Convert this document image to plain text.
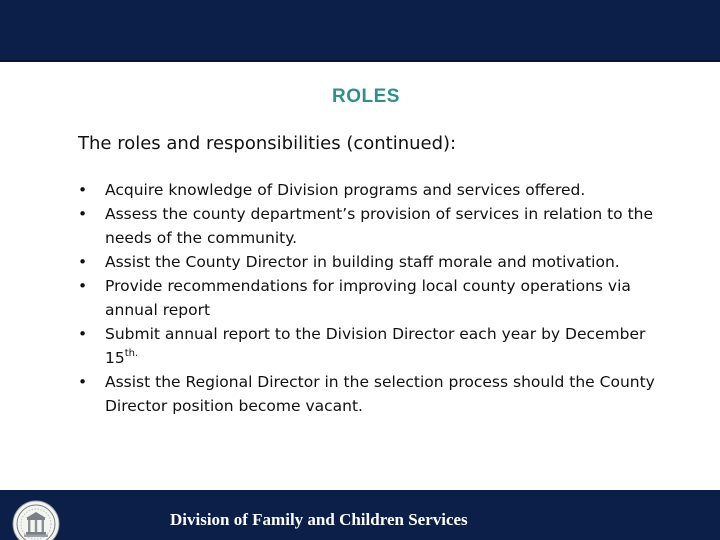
ROLES
The roles and responsibilities (continued):
•	Acquire knowledge of Division programs and services offered.
•	Assess the county department’s provision of services in relation to the needs of the community.
•	Assist the County Director in building staff morale and motivation.
•	Provide recommendations for improving local county operations via annual report
•	Submit annual report to the Division Director each year by December $15^{th.}$
•	Assist the Regional Director in the selection process should the County Director position become vacant.
Division of Family and Children Services
